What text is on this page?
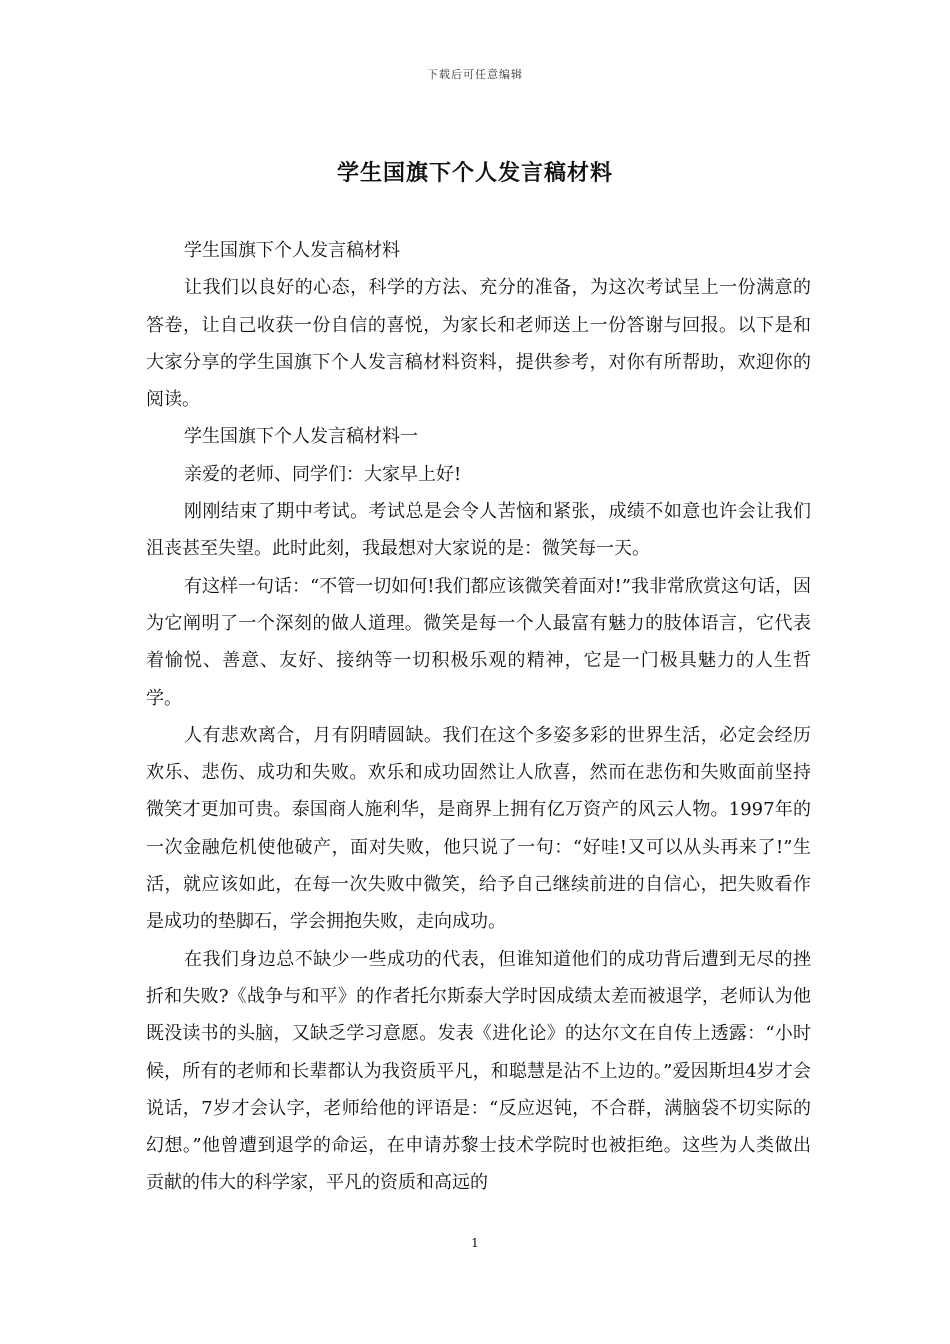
下载后可任意编辑
学生国旗下个人发言稿材料

学生国旗下个人发言稿材料

让我们以良好的心态，科学的方法、充分的准备，为这次考试呈上一份满意的答卷，让自己收获一份自信的喜悦，为家长和老师送上一份答谢与回报。以下是和大家分享的学生国旗下个人发言稿材料资料，提供参考，对你有所帮助，欢迎你的阅读。

学生国旗下个人发言稿材料一

亲爱的老师、同学们：大家早上好!

刚刚结束了期中考试。考试总是会令人苦恼和紧张，成绩不如意也许会让我们沮丧甚至失望。此时此刻，我最想对大家说的是：微笑每一天。

有这样一句话：“不管一切如何!我们都应该微笑着面对!”我非常欣赏这句话，因为它阐明了一个深刻的做人道理。微笑是每一个人最富有魅力的肢体语言，它代表着愉悦、善意、友好、接纳等一切积极乐观的精神，它是一门极具魅力的人生哲学。

人有悲欢离合，月有阴晴圆缺。我们在这个多姿多彩的世界生活，必定会经历欢乐、悲伤、成功和失败。欢乐和成功固然让人欣喜，然而在悲伤和失败面前坚持微笑才更加可贵。泰国商人施利华，是商界上拥有亿万资产的风云人物。1997年的一次金融危机使他破产，面对失败，他只说了一句：“好哇!又可以从头再来了!”生活，就应该如此，在每一次失败中微笑，给予自己继续前进的自信心，把失败看作是成功的垫脚石，学会拥抱失败，走向成功。

在我们身边总不缺少一些成功的代表，但谁知道他们的成功背后遭到无尽的挫折和失败?《战争与和平》的作者托尔斯泰大学时因成绩太差而被退学，老师认为他既没读书的头脑，又缺乏学习意愿。发表《进化论》的达尔文在自传上透露：“小时候，所有的老师和长辈都认为我资质平凡，和聪慧是沾不上边的。”爱因斯坦4岁才会说话，7岁才会认字，老师给他的评语是：“反应迟钝，不合群，满脑袋不切实际的幻想。”他曾遭到退学的命运，在申请苏黎士技术学院时也被拒绝。这些为人类做出贡献的伟大的科学家，平凡的资质和高远的

1
